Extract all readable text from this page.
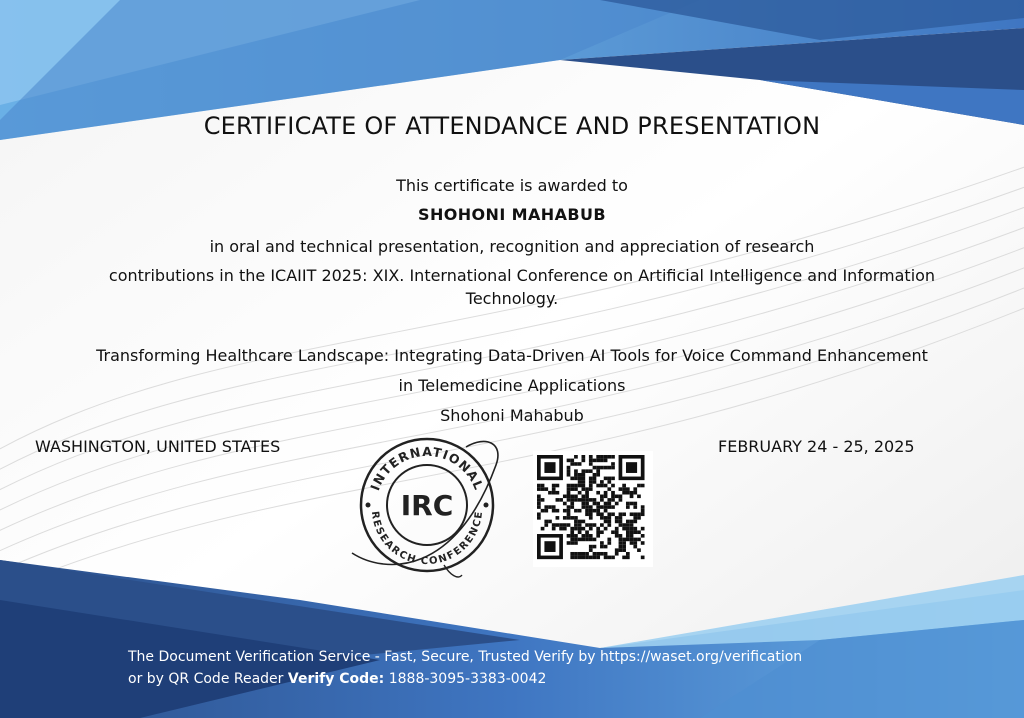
CERTIFICATE OF ATTENDANCE AND PRESENTATION

This certificate is awarded to

SHOHONI MAHABUB

in oral and technical presentation, recognition and appreciation of research

contributions in the ICAIIT 2025: XIX. International Conference on Artificial Intelligence and Information

Technology.

Transforming Healthcare Landscape: Integrating Data-Driven AI Tools for Voice Command Enhancement

in Telemedicine Applications

Shohoni Mahabub

WASHINGTON, UNITED STATES	FEBRUARY 24 - 25, 2025

INTERNATIONAL
RESEARCH CONFERENCE
IRC

The Document Verification Service - Fast, Secure, Trusted Verify by https://waset.org/verification

or by QR Code Reader Verify Code: 1888-3095-3383-0042
